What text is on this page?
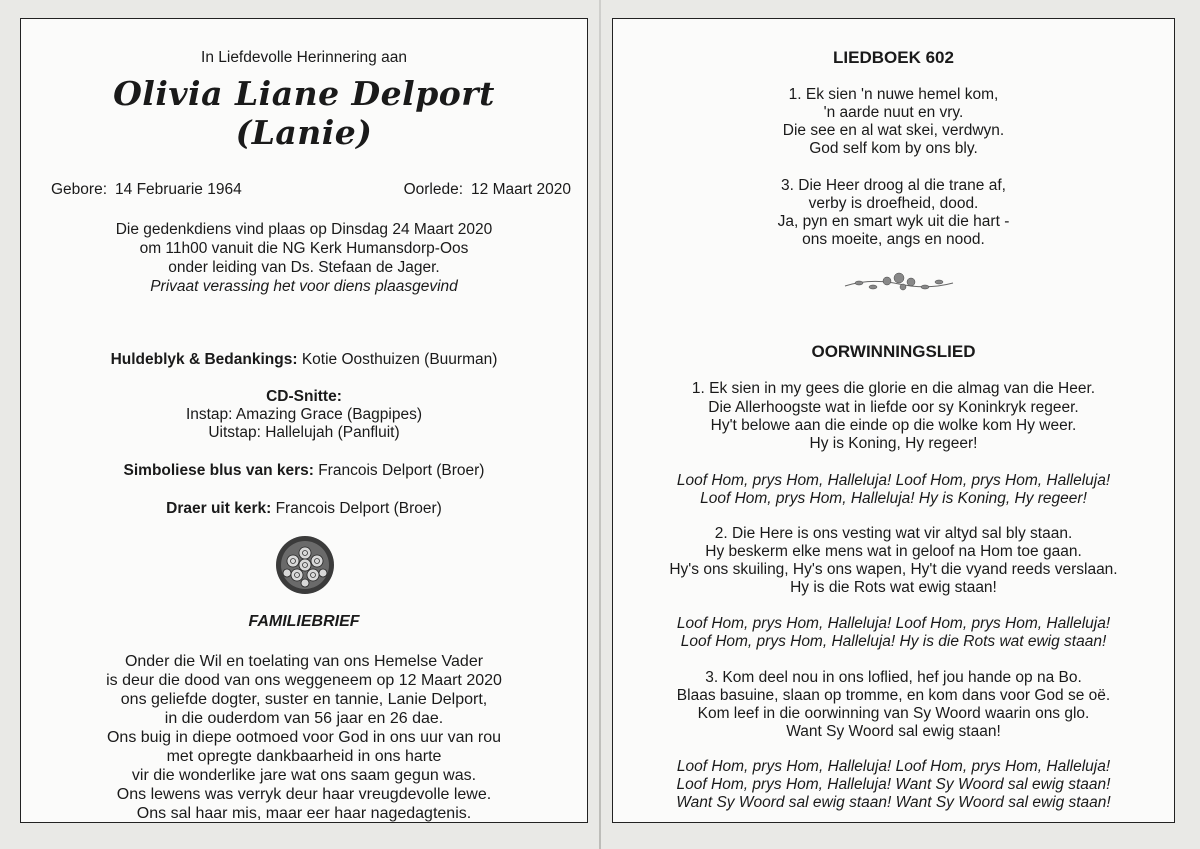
In Liefdevolle Herinnering aan
Olivia Liane Delport
(Lanie)
Gebore: 14 Februarie 1964	Oorlede: 12 Maart 2020
Die gedenkdiens vind plaas op Dinsdag 24 Maart 2020
om 11h00 vanuit die NG Kerk Humansdorp-Oos
onder leiding van Ds. Stefaan de Jager.
Privaat verassing het voor diens plaasgevind
Huldeblyk & Bedankings: Kotie Oosthuizen (Buurman)
CD-Snitte:
Instap: Amazing Grace (Bagpipes)
Uitstap: Hallelujah (Panfluit)
Simboliese blus van kers: Francois Delport (Broer)
Draer uit kerk: Francois Delport (Broer)
FAMILIEBRIEF
Onder die Wil en toelating van ons Hemelse Vader
is deur die dood van ons weggeneem op 12 Maart 2020
ons geliefde dogter, suster en tannie, Lanie Delport,
in die ouderdom van 56 jaar en 26 dae.
Ons buig in diepe ootmoed voor God in ons uur van rou
met opregte dankbaarheid in ons harte
vir die wonderlike jare wat ons saam gegun was.
Ons lewens was verryk deur haar vreugdevolle lewe.
Ons sal haar mis, maar eer haar nagedagtenis.
LIEDBOEK 602
1. Ek sien 'n nuwe hemel kom,
'n aarde nuut en vry.
Die see en al wat skei, verdwyn.
God self kom by ons bly.
3. Die Heer droog al die trane af,
verby is droefheid, dood.
Ja, pyn en smart wyk uit die hart -
ons moeite, angs en nood.
OORWINNINGSLIED
1. Ek sien in my gees die glorie en die almag van die Heer.
Die Allerhoogste wat in liefde oor sy Koninkryk regeer.
Hy't belowe aan die einde op die wolke kom Hy weer.
Hy is Koning, Hy regeer!
Loof Hom, prys Hom, Halleluja! Loof Hom, prys Hom, Halleluja!
Loof Hom, prys Hom, Halleluja! Hy is Koning, Hy regeer!
2. Die Here is ons vesting wat vir altyd sal bly staan.
Hy beskerm elke mens wat in geloof na Hom toe gaan.
Hy's ons skuiling, Hy's ons wapen, Hy't die vyand reeds verslaan.
Hy is die Rots wat ewig staan!
Loof Hom, prys Hom, Halleluja! Loof Hom, prys Hom, Halleluja!
Loof Hom, prys Hom, Halleluja! Hy is die Rots wat ewig staan!
3. Kom deel nou in ons loflied, hef jou hande op na Bo.
Blaas basuine, slaan op tromme, en kom dans voor God se oë.
Kom leef in die oorwinning van Sy Woord waarin ons glo.
Want Sy Woord sal ewig staan!
Loof Hom, prys Hom, Halleluja! Loof Hom, prys Hom, Halleluja!
Loof Hom, prys Hom, Halleluja! Want Sy Woord sal ewig staan!
Want Sy Woord sal ewig staan! Want Sy Woord sal ewig staan!
